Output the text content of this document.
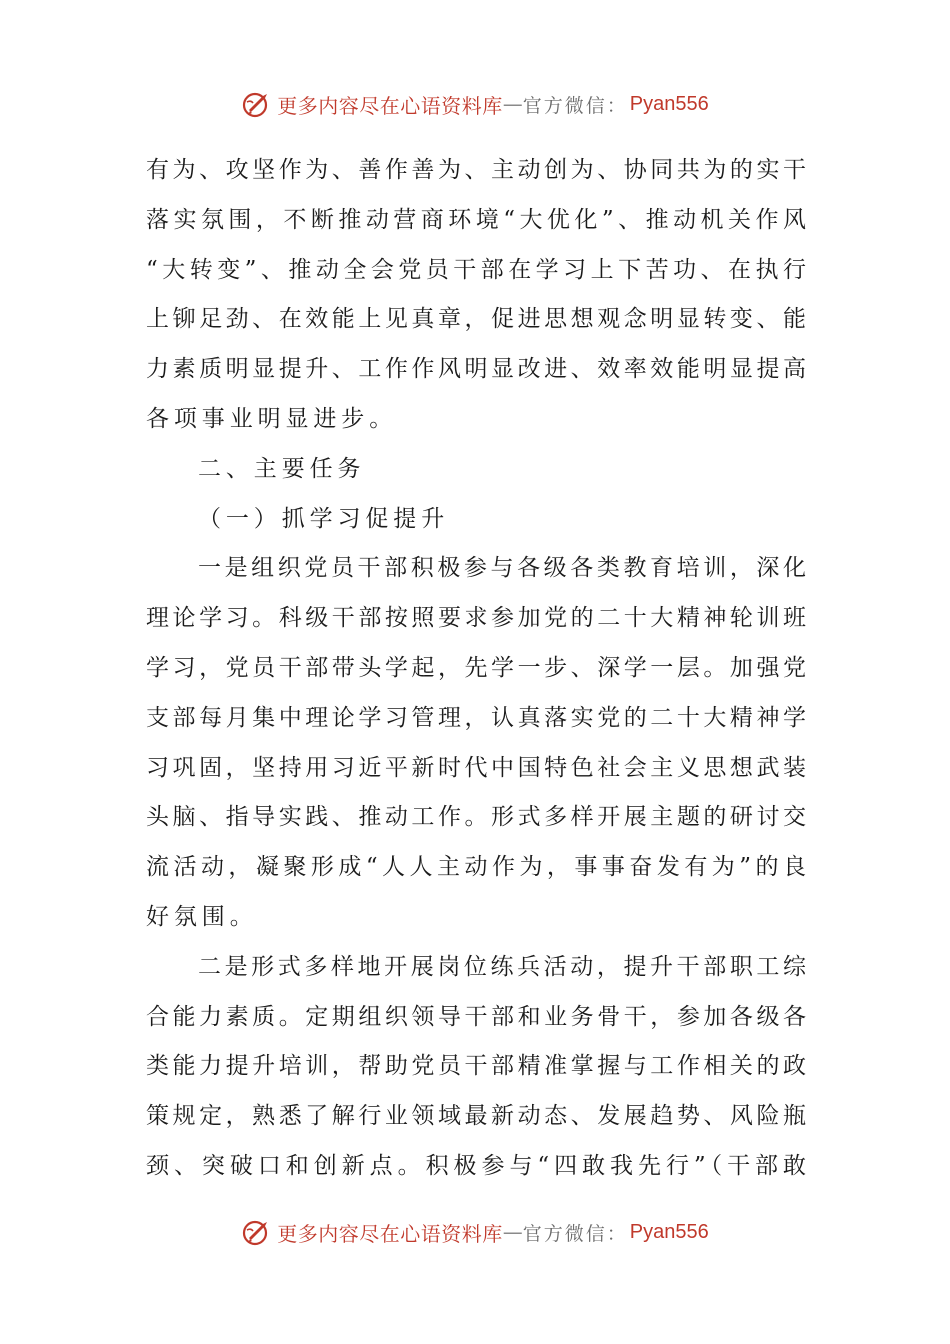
更多内容尽在心语资料库 — 官方微信： Pyan556
有为、攻坚作为、善作善为、主动创为、协同共为的实干
落实氛围，不断推动营商环境“大优化”、推动机关作风
“大转变”、推动全会党员干部在学习上下苦功、在执行
上铆足劲、在效能上见真章，促进思想观念明显转变、能
力素质明显提升、工作作风明显改进、效率效能明显提高
各项事业明显进步。
二、主要任务
（一）抓学习促提升
一是组织党员干部积极参与各级各类教育培训，深化
理论学习。科级干部按照要求参加党的二十大精神轮训班
学习，党员干部带头学起，先学一步、深学一层。加强党
支部每月集中理论学习管理，认真落实党的二十大精神学
习巩固，坚持用习近平新时代中国特色社会主义思想武装
头脑、指导实践、推动工作。形式多样开展主题的研讨交
流活动，凝聚形成“人人主动作为，事事奋发有为”的良
好氛围。
二是形式多样地开展岗位练兵活动，提升干部职工综
合能力素质。定期组织领导干部和业务骨干，参加各级各
类能力提升培训，帮助党员干部精准掌握与工作相关的政
策规定，熟悉了解行业领域最新动态、发展趋势、风险瓶
颈、突破口和创新点。积极参与“四敢我先行”（干部敢
更多内容尽在心语资料库 — 官方微信： Pyan556
